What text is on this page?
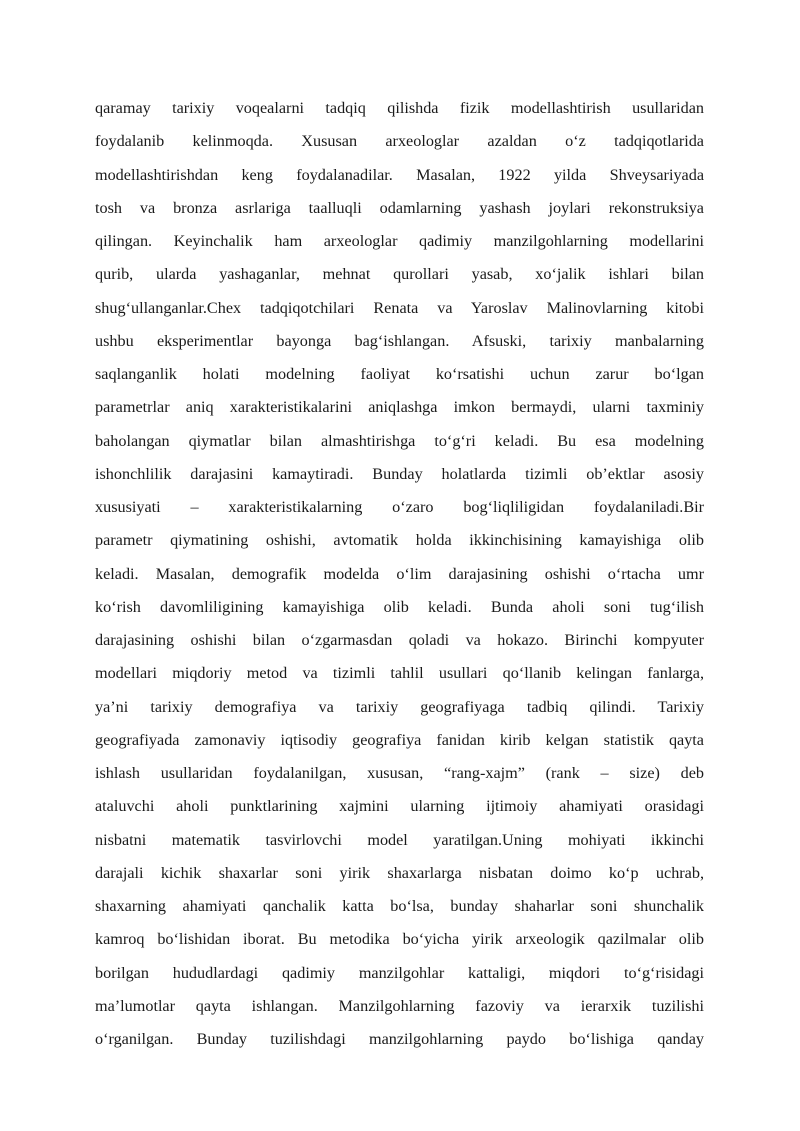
qaramay tarixiy voqealarni tadqiq qilishda fizik modellashtirish usullaridan
foydalanib kelinmoqda. Xususan arxeologlar azaldan o‘z tadqiqotlarida
modellashtirishdan keng foydalanadilar. Masalan, 1922 yilda Shveysariyada
tosh va bronza asrlariga taalluqli odamlarning yashash joylari rekonstruksiya
qilingan. Keyinchalik ham arxeologlar qadimiy manzilgohlarning modellarini
qurib, ularda yashaganlar, mehnat qurollari yasab, xo‘jalik ishlari bilan
shug‘ullanganlar.Chex tadqiqotchilari Renata va Yaroslav Malinovlarning kitobi
ushbu eksperimentlar bayonga bag‘ishlangan. Afsuski, tarixiy manbalarning
saqlanganlik holati modelning faoliyat ko‘rsatishi uchun zarur bo‘lgan
parametrlar aniq xarakteristikalarini aniqlashga imkon bermaydi, ularni taxminiy
baholangan qiymatlar bilan almashtirishga to‘g‘ri keladi. Bu esa modelning
ishonchlilik darajasini kamaytiradi. Bunday holatlarda tizimli ob’ektlar asosiy
xususiyati – xarakteristikalarning o‘zaro bog‘liqliligidan foydalaniladi.Bir
parametr qiymatining oshishi, avtomatik holda ikkinchisining kamayishiga olib
keladi. Masalan, demografik modelda o‘lim darajasining oshishi o‘rtacha umr
ko‘rish davomliligining kamayishiga olib keladi. Bunda aholi soni tug‘ilish
darajasining oshishi bilan o‘zgarmasdan qoladi va hokazo. Birinchi kompyuter
modellari miqdoriy metod va tizimli tahlil usullari qo‘llanib kelingan fanlarga,
ya’ni tarixiy demografiya va tarixiy geografiyaga tadbiq qilindi. Tarixiy
geografiyada zamonaviy iqtisodiy geografiya fanidan kirib kelgan statistik qayta
ishlash usullaridan foydalanilgan, xususan, “rang-xajm” (rank – size) deb
ataluvchi aholi punktlarining xajmini ularning ijtimoiy ahamiyati orasidagi
nisbatni matematik tasvirlovchi model yaratilgan.Uning mohiyati ikkinchi
darajali kichik shaxarlar soni yirik shaxarlarga nisbatan doimo ko‘p uchrab,
shaxarning ahamiyati qanchalik katta bo‘lsa, bunday shaharlar soni shunchalik
kamroq bo‘lishidan iborat. Bu metodika bo‘yicha yirik arxeologik qazilmalar olib
borilgan hududlardagi qadimiy manzilgohlar kattaligi, miqdori to‘g‘risidagi
ma’lumotlar qayta ishlangan. Manzilgohlarning fazoviy va ierarxik tuzilishi
o‘rganilgan. Bunday tuzilishdagi manzilgohlarning paydo bo‘lishiga qanday
